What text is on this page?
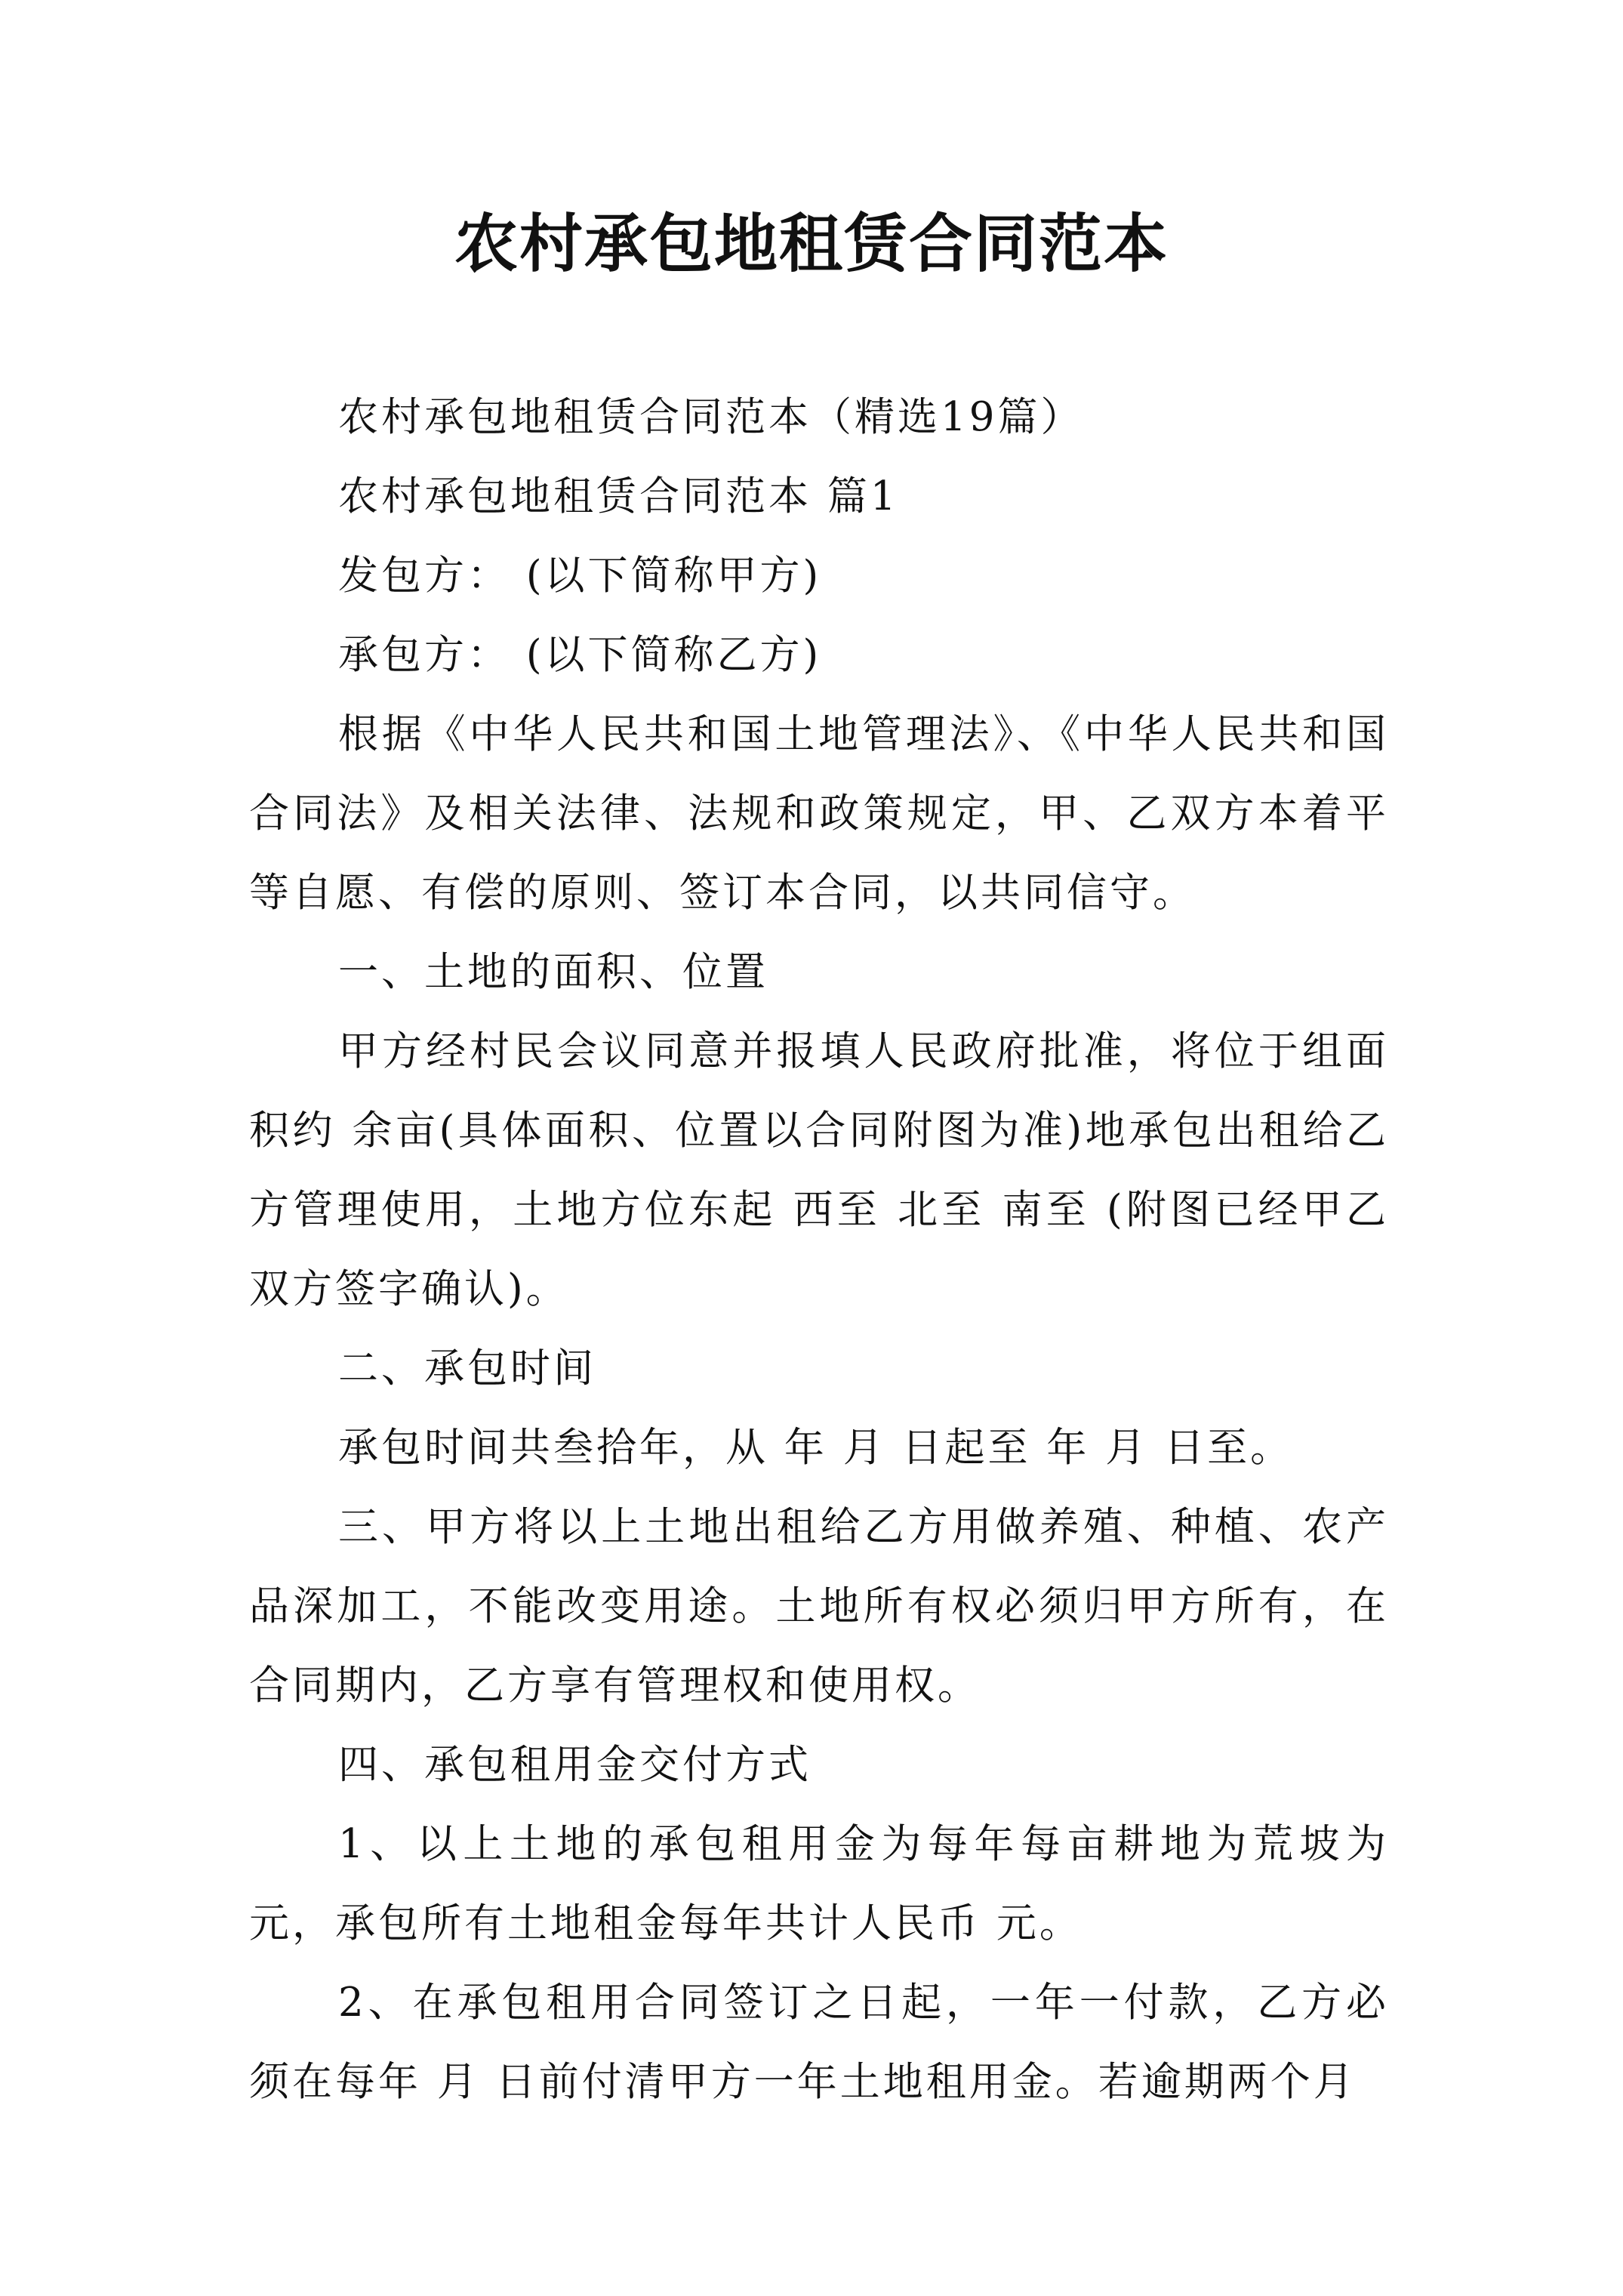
农村承包地租赁合同范本

农村承包地租赁合同范本（精选19篇）

农村承包地租赁合同范本 篇1

发包方： (以下简称甲方)

承包方： (以下简称乙方)

根据《中华人民共和国土地管理法》、《中华人民共和国合同法》及相关法律、法规和政策规定，甲、乙双方本着平等自愿、有偿的原则、签订本合同，以共同信守。

一、土地的面积、位置

甲方经村民会议同意并报填人民政府批准，将位于组面积约 余亩(具体面积、位置以合同附图为准)地承包出租给乙方管理使用，土地方位东起 西至 北至 南至 (附图已经甲乙双方签字确认)。

二、承包时间

承包时间共叁拾年，从 年 月 日起至 年 月 日至。

三、甲方将以上土地出租给乙方用做养殖、种植、农产品深加工，不能改变用途。土地所有权必须归甲方所有，在合同期内，乙方享有管理权和使用权。

四、承包租用金交付方式

1、以上土地的承包租用金为每年每亩耕地为荒坡为 元，承包所有土地租金每年共计人民币 元。

2、在承包租用合同签订之日起，一年一付款，乙方必须在每年 月 日前付清甲方一年土地租用金。若逾期两个月
